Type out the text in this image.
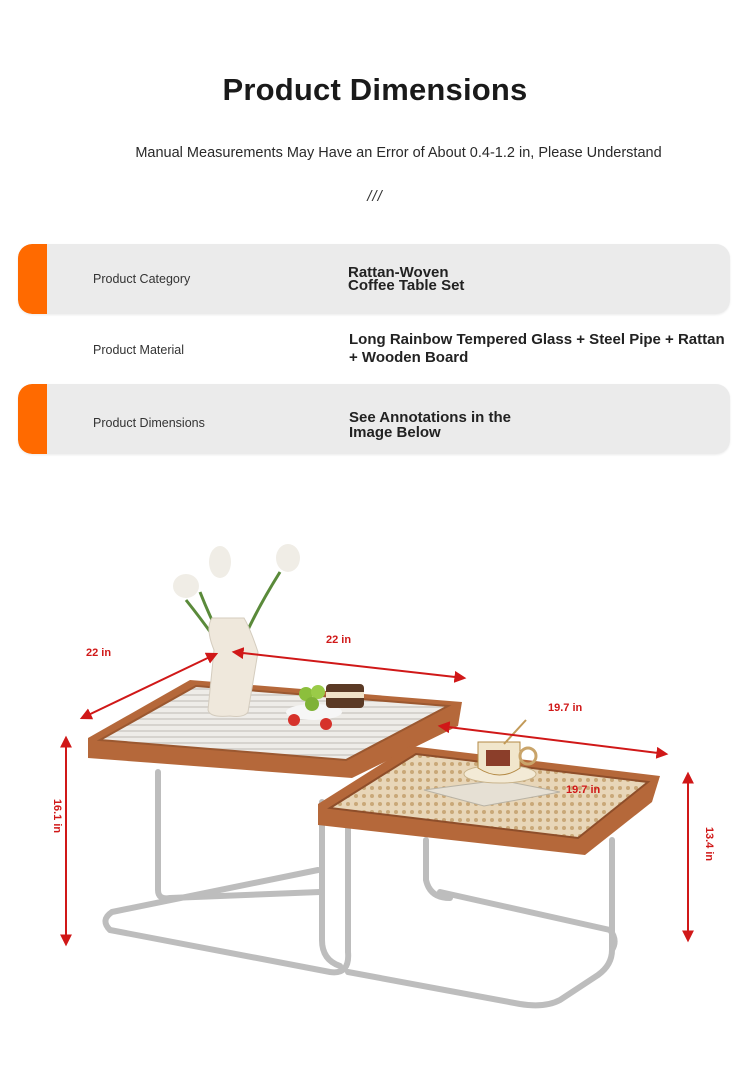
Product Dimensions
Manual Measurements May Have an Error of About 0.4-1.2 in, Please Understand
///
Product Category	Rattan-Woven
Coffee Table Set
Product Material
Long Rainbow Tempered Glass + Steel Pipe + Rattan
+ Wooden Board
Product Dimensions	See Annotations in the
Image Below
22 in
22 in
19.7 in
19.7 in
16.1 in
13.4 in
